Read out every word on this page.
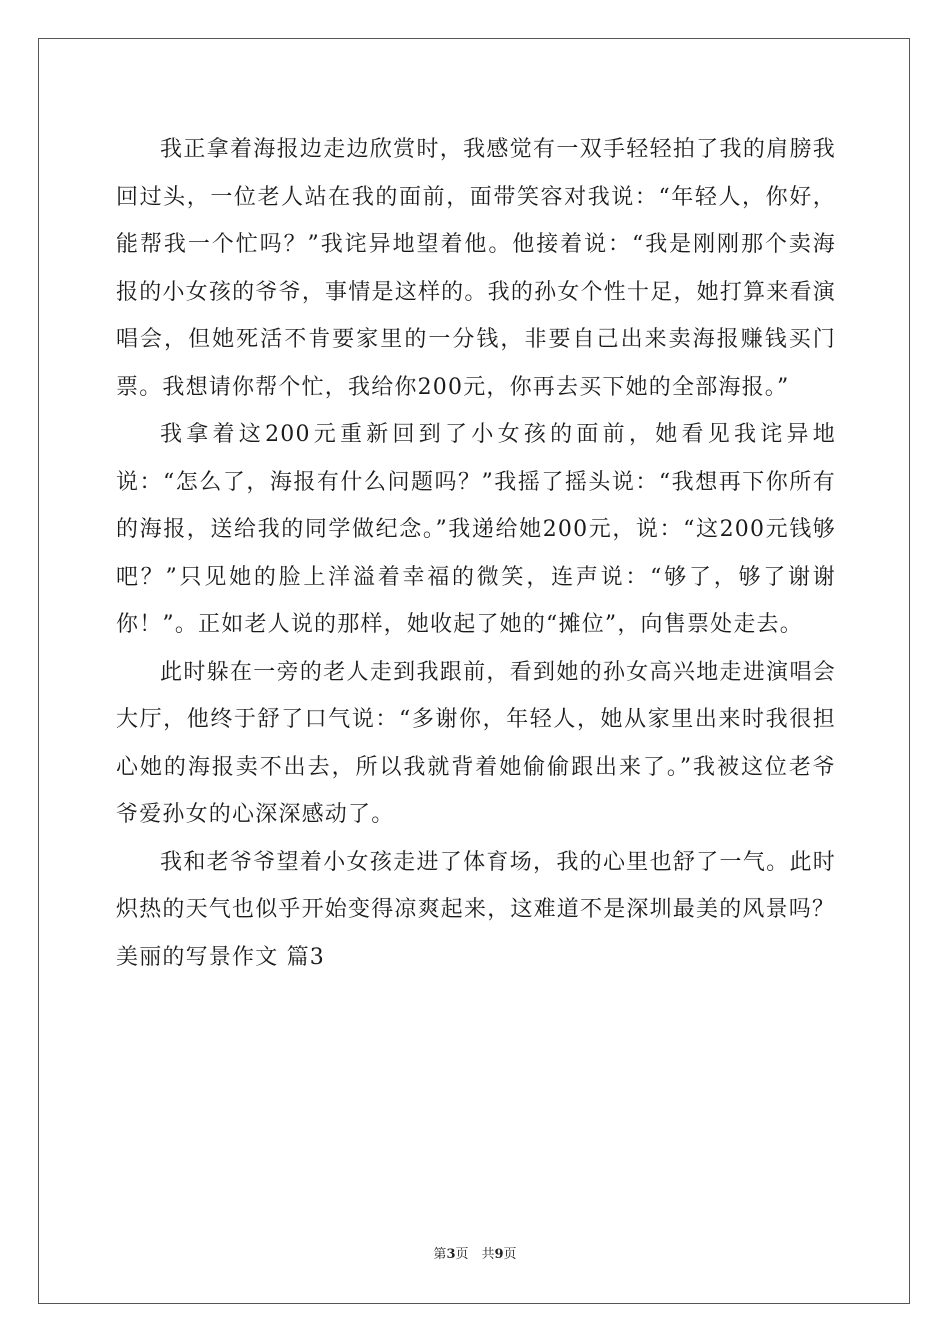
我正拿着海报边走边欣赏时，我感觉有一双手轻轻拍了我的肩膀我回过头，一位老人站在我的面前，面带笑容对我说：“年轻人，你好，能帮我一个忙吗？”我诧异地望着他。他接着说：“我是刚刚那个卖海报的小女孩的爷爷，事情是这样的。我的孙女个性十足，她打算来看演唱会，但她死活不肯要家里的一分钱，非要自己出来卖海报赚钱买门票。我想请你帮个忙，我给你200元，你再去买下她的全部海报。”

我拿着这200元重新回到了小女孩的面前，她看见我诧异地说：“怎么了，海报有什么问题吗？”我摇了摇头说：“我想再下你所有的海报，送给我的同学做纪念。”我递给她200元，说：“这200元钱够吧？”只见她的脸上洋溢着幸福的微笑，连声说：“够了，够了谢谢你！”。正如老人说的那样，她收起了她的“摊位”，向售票处走去。

此时躲在一旁的老人走到我跟前，看到她的孙女高兴地走进演唱会大厅，他终于舒了口气说：“多谢你，年轻人，她从家里出来时我很担心她的海报卖不出去，所以我就背着她偷偷跟出来了。”我被这位老爷爷爱孙女的心深深感动了。

我和老爷爷望着小女孩走进了体育场，我的心里也舒了一气。此时炽热的天气也似乎开始变得凉爽起来，这难道不是深圳最美的风景吗？

美丽的写景作文 篇3

第3页　共9页
